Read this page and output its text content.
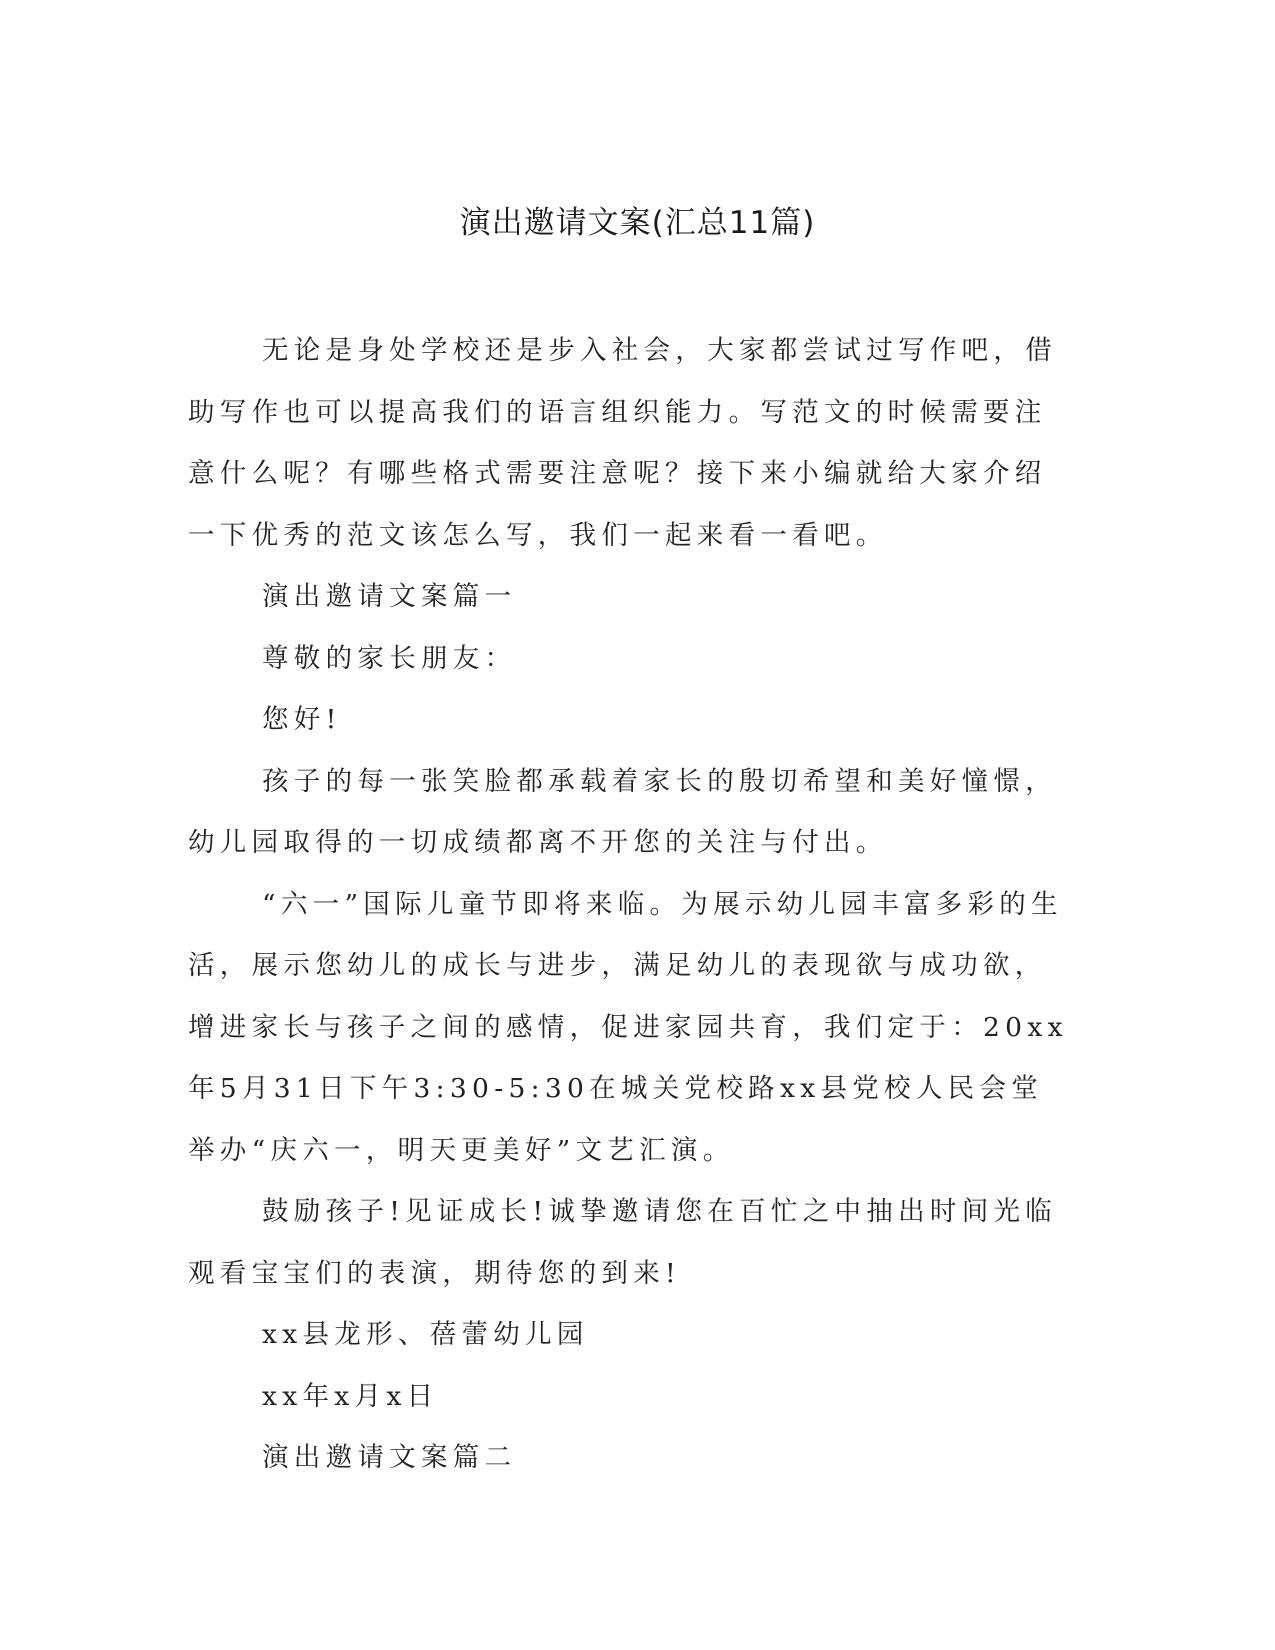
演出邀请文案(汇总11篇)

无论是身处学校还是步入社会，大家都尝试过写作吧，借助写作也可以提高我们的语言组织能力。写范文的时候需要注意什么呢？有哪些格式需要注意呢？接下来小编就给大家介绍一下优秀的范文该怎么写，我们一起来看一看吧。

演出邀请文案篇一

尊敬的家长朋友：

您好!

孩子的每一张笑脸都承载着家长的殷切希望和美好憧憬，幼儿园取得的一切成绩都离不开您的关注与付出。

“六一”国际儿童节即将来临。为展示幼儿园丰富多彩的生活，展示您幼儿的成长与进步，满足幼儿的表现欲与成功欲，增进家长与孩子之间的感情，促进家园共育，我们定于：20xx年5月31日下午3:30-5:30在城关党校路xx县党校人民会堂举办“庆六一，明天更美好”文艺汇演。

鼓励孩子!见证成长!诚挚邀请您在百忙之中抽出时间光临观看宝宝们的表演，期待您的到来!

xx县龙形、蓓蕾幼儿园

xx年x月x日

演出邀请文案篇二
